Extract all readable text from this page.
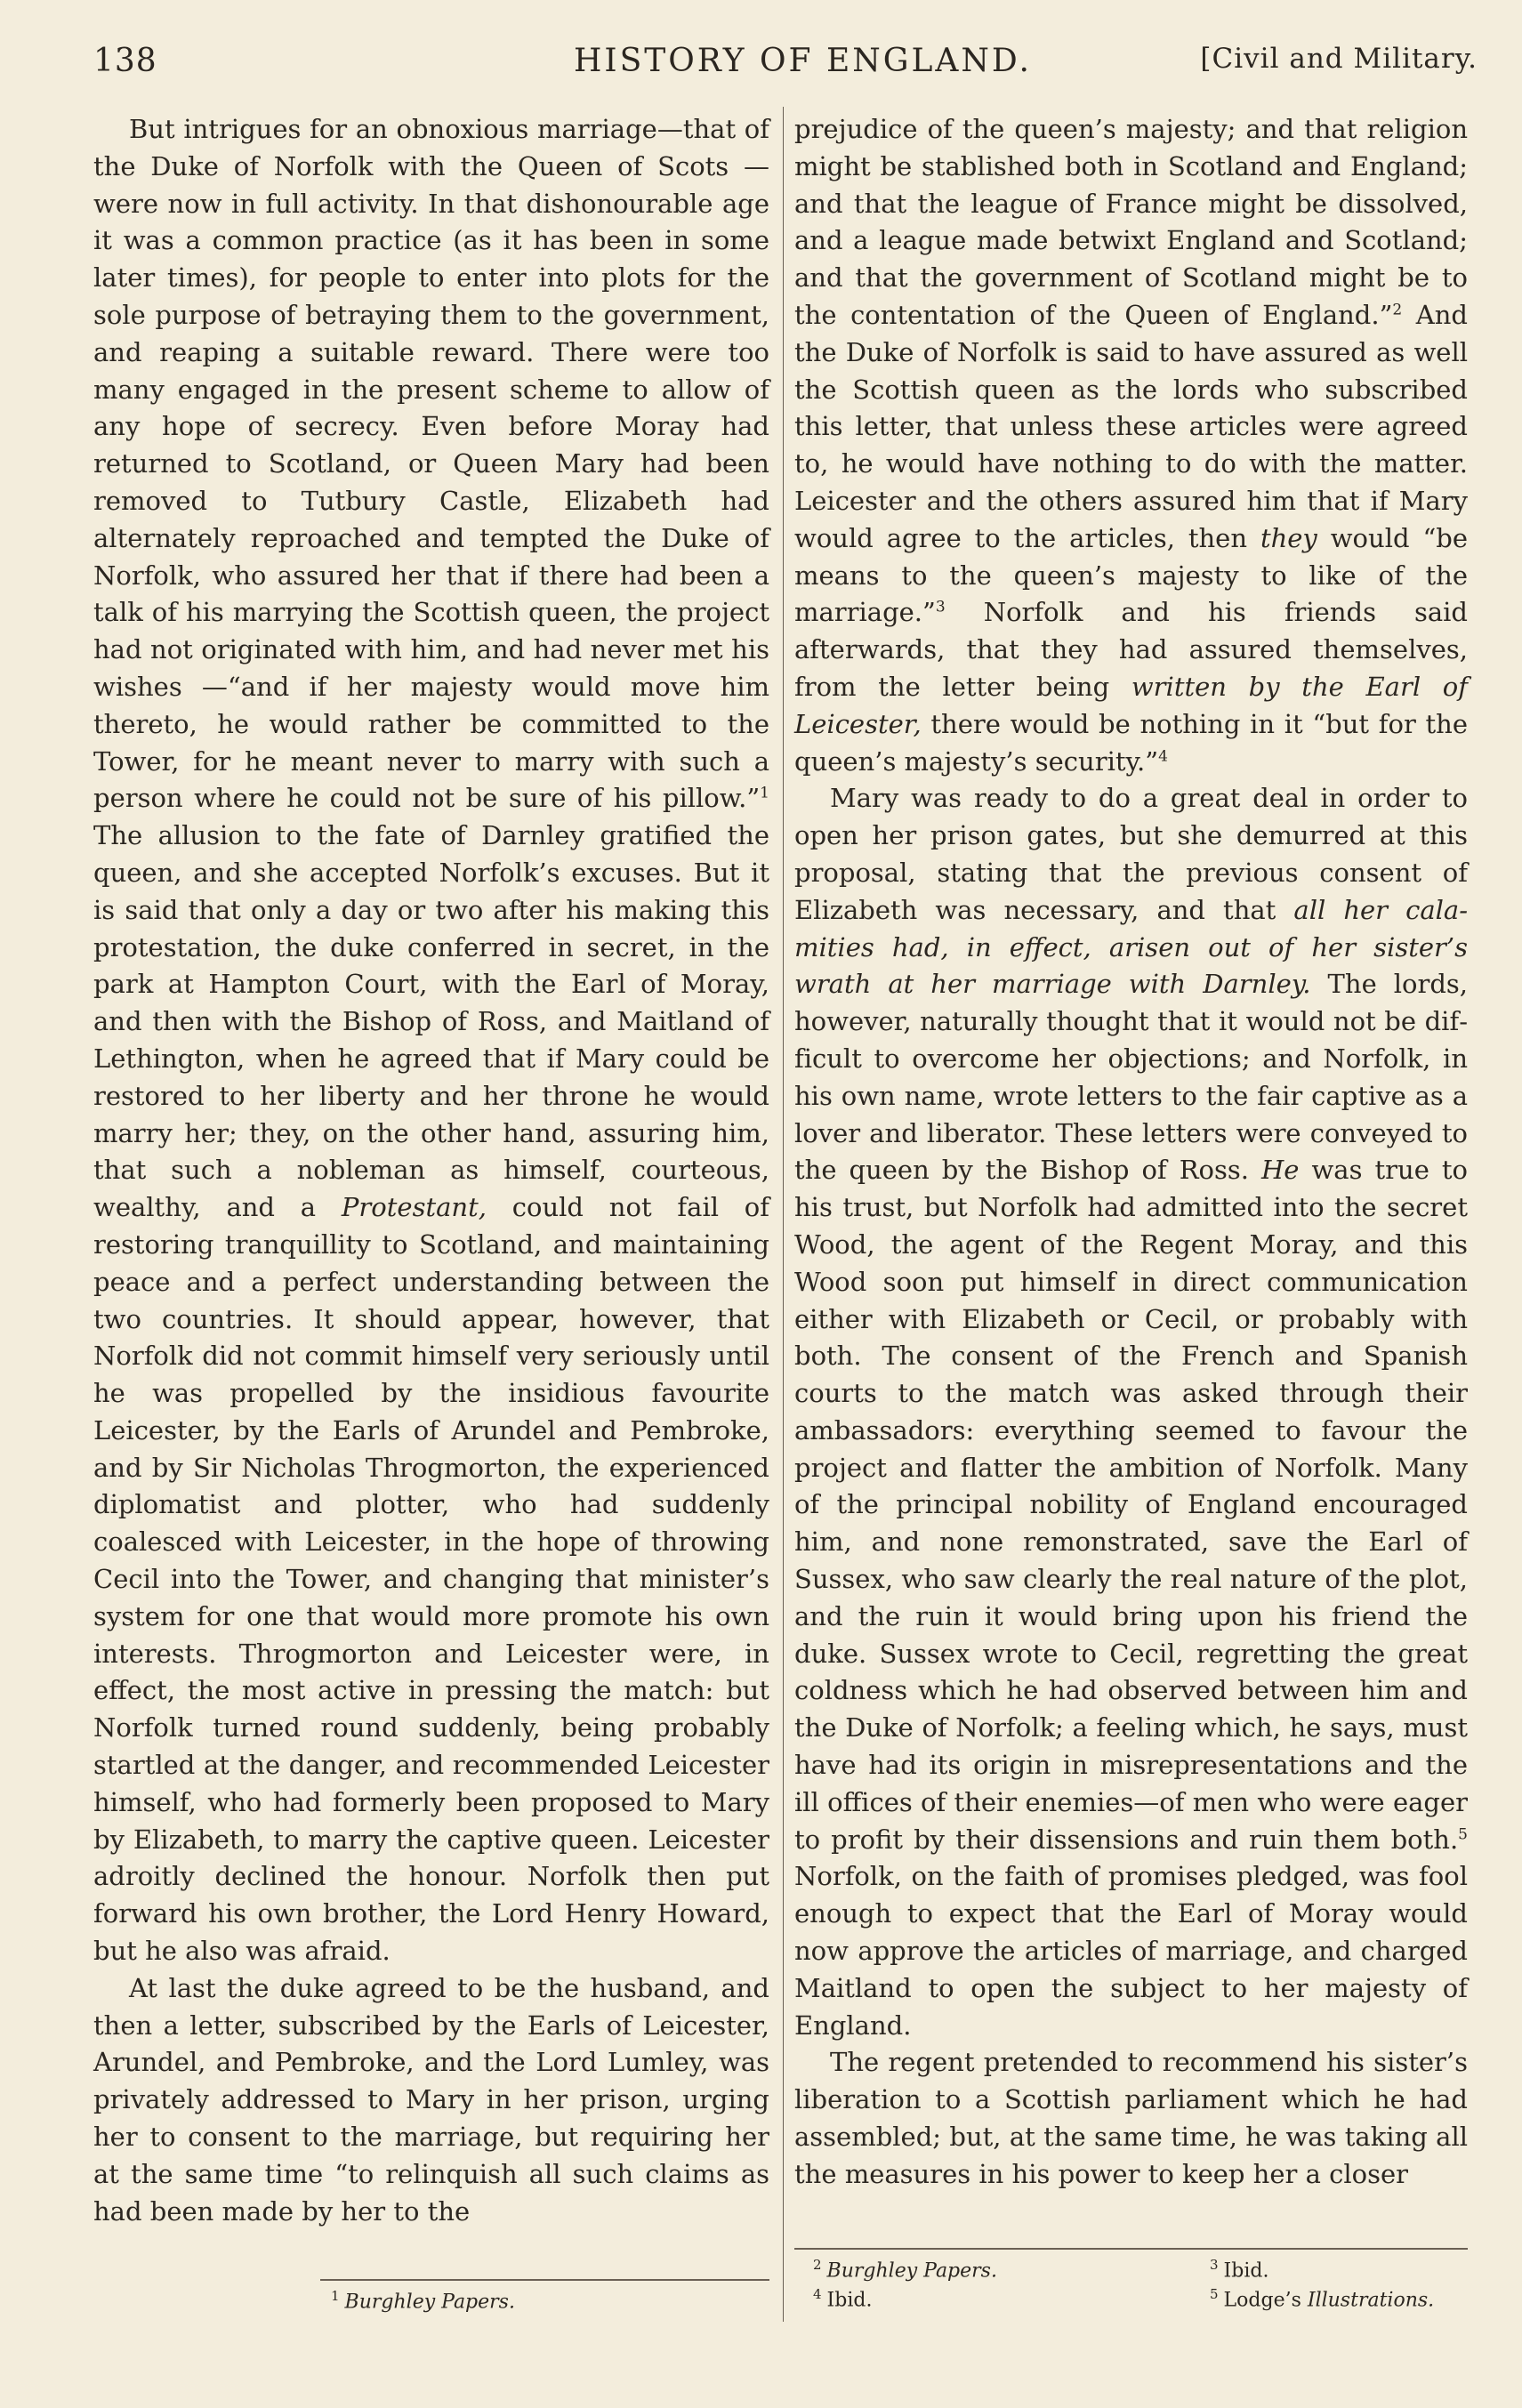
138	HISTORY OF ENGLAND.	[Civil and Military.

But intrigues for an obnoxious marriage—that of the Duke of Norfolk with the Queen of Scots —were now in full activity. In that dishonourable age it was a common practice (as it has been in some later times), for people to enter into plots for the sole purpose of betraying them to the government, and reaping a suitable reward. There were too many engaged in the present scheme to allow of any hope of secrecy. Even before Moray had returned to Scotland, or Queen Mary had been removed to Tutbury Castle, Elizabeth had alternately reproached and tempted the Duke of Norfolk, who assured her that if there had been a talk of his marrying the Scottish queen, the project had not originated with him, and had never met his wishes —“and if her majesty would move him thereto, he would rather be committed to the Tower, for he meant never to marry with such a person where he could not be sure of his pillow.”$^1$ The allusion to the fate of Darnley gratified the queen, and she accepted Norfolk’s excuses. But it is said that only a day or two after his making this protestation, the duke conferred in secret, in the park at Hampton Court, with the Earl of Moray, and then with the Bishop of Ross, and Maitland of Lethington, when he agreed that if Mary could be restored to her liberty and her throne he would marry her; they, on the other hand, assuring him, that such a nobleman as himself, courteous, wealthy, and a Protestant, could not fail of restoring tranquillity to Scotland, and maintaining peace and a perfect understanding between the two countries. It should appear, however, that Norfolk did not commit himself very seriously until he was propelled by the insidious favourite Leicester, by the Earls of Arundel and Pembroke, and by Sir Nicholas Throgmorton, the experienced diplomatist and plotter, who had suddenly coalesced with Leicester, in the hope of throwing Cecil into the Tower, and changing that minister’s system for one that would more promote his own interests. Throgmorton and Leicester were, in effect, the most active in pressing the match: but Norfolk turned round suddenly, being probably startled at the danger, and recommended Leicester himself, who had formerly been proposed to Mary by Elizabeth, to marry the captive queen. Leicester adroitly declined the honour. Norfolk then put forward his own brother, the Lord Henry Howard, but he also was afraid.

At last the duke agreed to be the husband, and then a letter, subscribed by the Earls of Leicester, Arundel, and Pembroke, and the Lord Lumley, was privately addressed to Mary in her prison, urging her to consent to the marriage, but requiring her at the same time “to relinquish all such claims as had been made by her to the

prejudice of the queen’s majesty; and that religion might be stablished both in Scotland and England; and that the league of France might be dissolved, and a league made betwixt England and Scotland; and that the government of Scotland might be to the contentation of the Queen of England.”$^2$ And the Duke of Norfolk is said to have assured as well the Scottish queen as the lords who subscribed this letter, that unless these articles were agreed to, he would have nothing to do with the matter. Leicester and the others assured him that if Mary would agree to the articles, then they would “be means to the queen’s majesty to like of the marriage.”$^3$ Norfolk and his friends said afterwards, that they had assured themselves, from the letter being written by the Earl of Leicester, there would be nothing in it “but for the queen’s majesty’s security.”$^4$

Mary was ready to do a great deal in order to open her prison gates, but she demurred at this proposal, stating that the previous consent of Elizabeth was necessary, and that all her calamities had, in effect, arisen out of her sister’s wrath at her marriage with Darnley. The lords, however, naturally thought that it would not be difficult to overcome her objections; and Norfolk, in his own name, wrote letters to the fair captive as a lover and liberator. These letters were conveyed to the queen by the Bishop of Ross. He was true to his trust, but Norfolk had admitted into the secret Wood, the agent of the Regent Moray, and this Wood soon put himself in direct communication either with Elizabeth or Cecil, or probably with both. The consent of the French and Spanish courts to the match was asked through their ambassadors: everything seemed to favour the project and flatter the ambition of Norfolk. Many of the principal nobility of England encouraged him, and none remonstrated, save the Earl of Sussex, who saw clearly the real nature of the plot, and the ruin it would bring upon his friend the duke. Sussex wrote to Cecil, regretting the great coldness which he had observed between him and the Duke of Norfolk; a feeling which, he says, must have had its origin in misrepresentations and the ill offices of their enemies—of men who were eager to profit by their dissensions and ruin them both.$^5$ Norfolk, on the faith of promises pledged, was fool enough to expect that the Earl of Moray would now approve the articles of marriage, and charged Maitland to open the subject to her majesty of England.

The regent pretended to recommend his sister’s liberation to a Scottish parliament which he had assembled; but, at the same time, he was taking all the measures in his power to keep her a closer

$^1$ Burghley Papers.
$^2$ Burghley Papers.	$^3$ Ibid.
$^4$ Ibid.	$^5$ Lodge’s Illustrations.
